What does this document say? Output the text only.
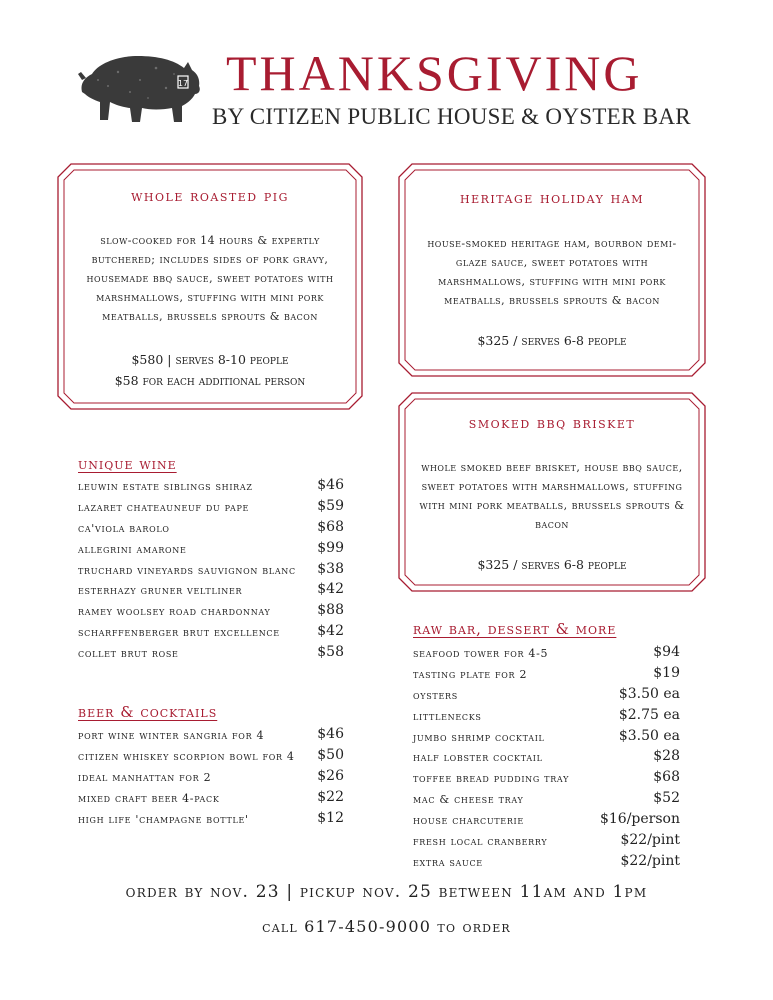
17 THANKSGIVING
BY CITIZEN PUBLIC HOUSE & OYSTER BAR
whole roasted pig
slow-cooked for 14 hours & expertly butchered; includes sides of pork gravy, housemade bbq sauce, sweet potatoes with marshmallows, stuffing with mini pork meatballs, brussels sprouts & bacon
$580 | serves 8-10 people
$58 for each additional person
heritage holiday ham
house-smoked heritage ham, bourbon demi-glaze sauce, sweet potatoes with marshmallows, stuffing with mini pork meatballs, brussels sprouts & bacon
$325 / serves 6-8 people
smoked bbq brisket
whole smoked beef brisket, house bbq sauce, sweet potatoes with marshmallows, stuffing with mini pork meatballs, brussels sprouts & bacon
$325 / serves 6-8 people
unique wine
leuwin estate siblings shiraz	$46
lazaret chateauneuf du pape	$59
ca'viola barolo	$68
allegrini amarone	$99
truchard vineyards sauvignon blanc $38
esterhazy gruner veltliner	$42
ramey woolsey road chardonnay	$88
scharffenberger brut excellence	$42
collet brut rose	$58
beer & cocktails
port wine winter sangria for 4	$46
citizen whiskey scorpion bowl for 4 $50
ideal manhattan for 2	$26
mixed craft beer 4-pack	$22
high life 'champagne bottle'	$12
raw bar, dessert & more
seafood tower for 4-5	$94
tasting plate for 2	$19
oysters	$3.50 ea
littlenecks	$2.75 ea
jumbo shrimp cocktail	$3.50 ea
half lobster cocktail	$28
toffee bread pudding tray	$68
mac & cheese tray	$52
house charcuterie	$16/person
fresh local cranberry	$22/pint
extra sauce	$22/pint
order by nov. 23 | pickup nov. 25 between 11am and 1pm
call 617-450-9000 to order
